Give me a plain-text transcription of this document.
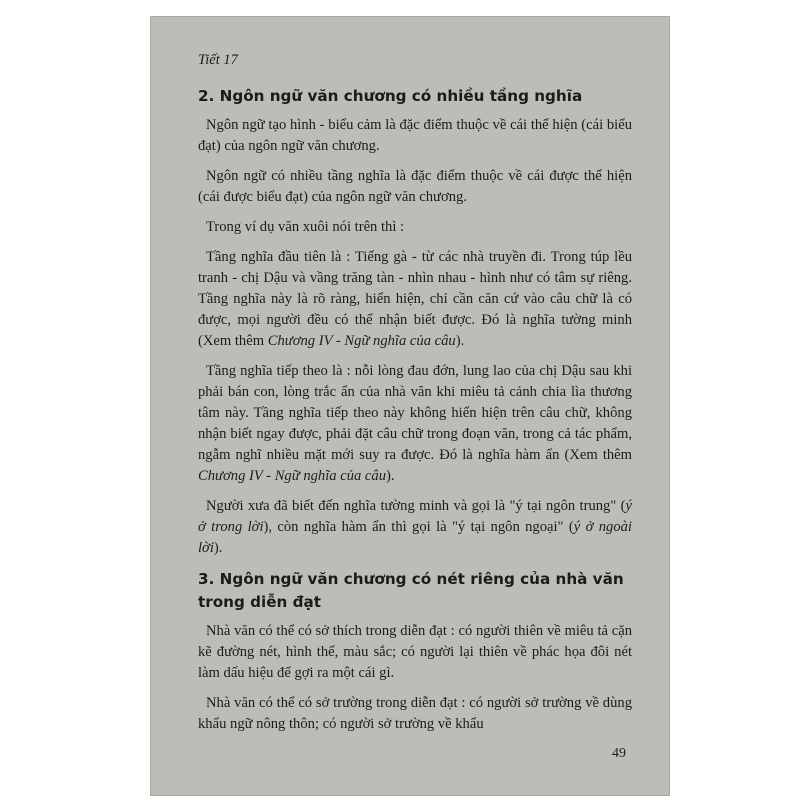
Tiết 17
2. Ngôn ngữ văn chương có nhiều tầng nghĩa

Ngôn ngữ tạo hình - biểu cảm là đặc điểm thuộc về cái thể hiện (cái biểu đạt) của ngôn ngữ văn chương.

Ngôn ngữ có nhiều tầng nghĩa là đặc điểm thuộc về cái được thể hiện (cái được biểu đạt) của ngôn ngữ văn chương.

Trong ví dụ văn xuôi nói trên thì :

Tầng nghĩa đầu tiên là : Tiếng gà - từ các nhà truyền đi. Trong túp lều tranh - chị Dậu và vầng trăng tàn - nhìn nhau - hình như có tâm sự riêng. Tầng nghĩa này là rõ ràng, hiển hiện, chỉ cần căn cứ vào câu chữ là có được, mọi người đều có thể nhận biết được. Đó là nghĩa tường minh (Xem thêm Chương IV - Ngữ nghĩa của câu).

Tầng nghĩa tiếp theo là : nỗi lòng đau đớn, lung lao của chị Dậu sau khi phải bán con, lòng trắc ẩn của nhà văn khi miêu tả cảnh chia lìa thương tâm này. Tầng nghĩa tiếp theo này không hiển hiện trên câu chữ, không nhận biết ngay được, phải đặt câu chữ trong đoạn văn, trong cả tác phẩm, ngẫm nghĩ nhiều mặt mới suy ra được. Đó là nghĩa hàm ẩn (Xem thêm Chương IV - Ngữ nghĩa của câu).

Người xưa đã biết đến nghĩa tường minh và gọi là "ý tại ngôn trung" (ý ở trong lời), còn nghĩa hàm ẩn thì gọi là "ý tại ngôn ngoại" (ý ở ngoài lời).

3. Ngôn ngữ văn chương có nét riêng của nhà văn trong diễn đạt

Nhà văn có thể có sở thích trong diễn đạt : có người thiên về miêu tả cặn kẽ đường nét, hình thể, màu sắc; có người lại thiên về phác họa đôi nét làm dấu hiệu để gợi ra một cái gì.

Nhà văn có thể có sở trường trong diễn đạt : có người sở trường về dùng khẩu ngữ nông thôn; có người sở trường về khẩu

49
